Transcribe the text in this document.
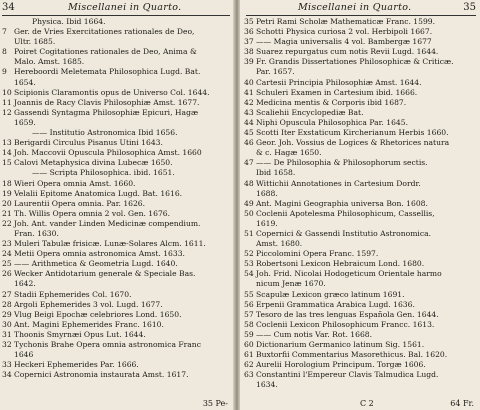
34	Miscellanei in Quarto.
Physica. Ibid 1664.
7 Ger. de Vries Exercitationes rationales de Deo,
Ultr. 1685.
8 Poiret Cogitationes rationales de Deo, Anima &
Malo. Amst. 1685.
9 Hereboordi Meletemata Philosophica Lugd. Bat.
1654.
10 Scipionis Claramontis opus de Universo Col. 1644.
11 Joannis de Racy Clavis Philosophiæ Amst. 1677.
12 Gassendi Syntagma Philosophiæ Epicuri, Hagæ
1659.
—— Institutio Astronomica Ibid 1656.
13 Berigardi Circulus Pisanus Utini 1643.
14 Joh. Maccovii Opuscula Philosophica Amst. 1660
15 Calovi Metaphysica divina Lubecæ 1650.
—— Scripta Philosophica. ibid. 1651.
18 Wieri Opera omnia Amst. 1660.
19 Velalii Epitome Anatomica Lugd. Bat. 1616.
20 Laurentii Opera omnia. Par. 1626.
21 Th. Willis Opera omnia 2 vol. Gen. 1676.
22 Joh. Ant. vander Linden Medicinæ compendium.
Fran. 1630.
23 Muleri Tabulæ frisicæ. Lunæ-Solares Alcm. 1611.
24 Metii Opera omnia astronomica Amst. 1633.
25 —— Arithmetica & Geometria Lugd. 1640.
26 Wecker Antidotarium generale & Speciale Bas.
1642.
27 Stadii Ephemerides Col. 1670.
28 Argoli Ephemerides 3 vol. Lugd. 1677.
29 Vlug Beigi Epochæ celebriores Lond. 1650.
30 Ant. Magini Ephemerides Franc. 1610.
31 Thoonis Smyrnæi Opus Lut. 1644.
32 Tychonis Brahe Opera omnia astronomica Franc
1646
33 Heckeri Ephemerides Par. 1666.
34 Copernici Astronomia instaurata Amst. 1617.
35 Pe-
Miscellanei in Quarto.	35
35 Petri Rami Scholæ Mathematicæ Franc. 1599.
36 Schotti Physica curiosa 2 vol. Herbipoli 1667.
37 —— Magia universalis 4 vol. Bambergæ 1677
38 Suarez repurgatus cum notis Revii Lugd. 1644.
39 Fr. Grandis Dissertationes Philosophicæ & Criticæ.
Par. 1657.
40 Cartesii Principia Philosophiæ Amst. 1644.
41 Schuleri Examen in Cartesium ibid. 1666.
42 Medicina mentis & Corporis ibid 1687.
43 Scaliehii Encyclopediæ Bat.
44 Niphi Opuscula Philosophica Par. 1645.
45 Scotti Iter Exstaticum Kircherianum Herbis 1660.
46 Geor. Joh. Vossius de Logices & Rhetorices natura
& c. Hagæ 1650.
47 —— De Philosophia & Philosophorum sectis.
Ibid 1658.
48 Wittichii Annotationes in Cartesium Dordr.
1688.
49 Ant. Magini Geographia universa Bon. 1608.
50 Coclenii Apotelesma Philosophicum, Cassellis,
1619.
51 Copernici & Gassendi Institutio Astronomica.
Amst. 1680.
52 Piccolomini Opera Franc. 1597.
53 Robertsoni Lexicon Hebraicum Lond. 1680.
54 Joh. Frid. Nicolai Hodogeticum Orientale harmo
nicum Jenæ 1670.
55 Scapulæ Lexicon græco latinum 1691.
56 Erpenii Grammatica Arabica Lugd. 1636.
57 Tesoro de las tres lenguas Española Gen. 1644.
58 Coclenii Lexicon Philosophicum Francc. 1613.
59 —— Cum notis Var. Rot. 1668.
60 Dictionarium Germanico latinum Sig. 1561.
61 Buxtorfii Commentarius Masorethicus. Bal. 1620.
62 Aurelii Horologium Principum. Torgæ 1606.
63 Constantini l'Empereur Clavis Talmudica Lugd.
1634.
C 2	64 Fr.
